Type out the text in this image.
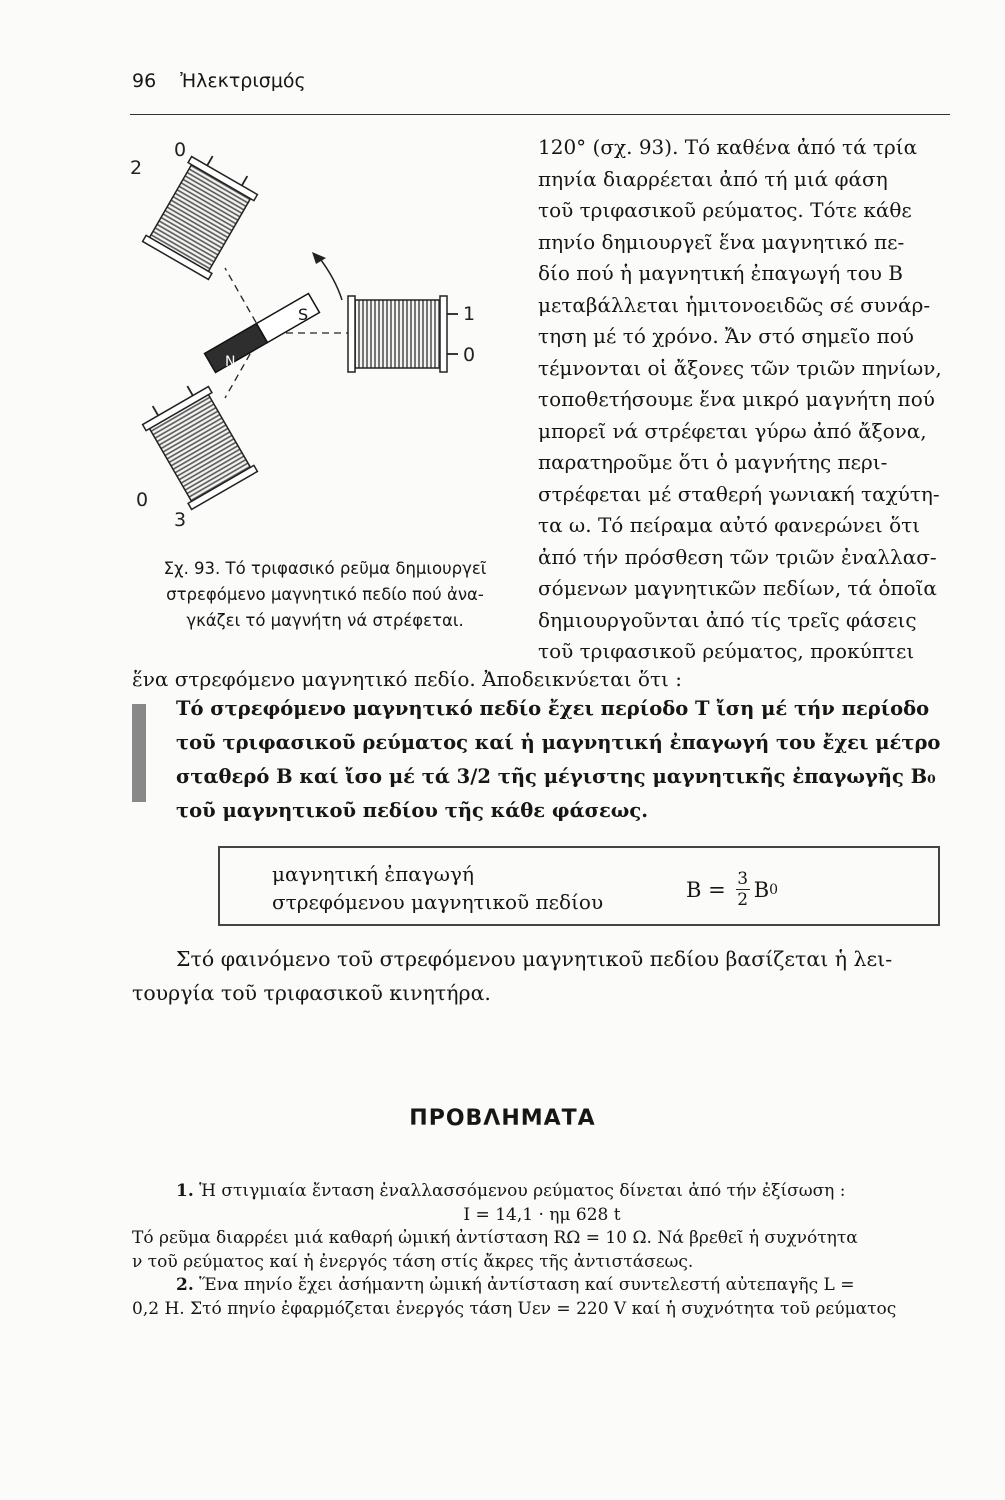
96 Ἠλεκτρισμός
N
S
2
0
1
0
0
3
Σχ. 93. Τό τριφασικό ρεῦμα δημιουργεῖ
στρεφόμενο μαγνητικό πεδίο πού ἀνα-
γκάζει τό μαγνήτη νά στρέφεται.

120° (σχ. 93). Τό καθένα ἀπό τά τρία

πηνία διαρρέεται ἀπό τή μιά φάση

τοῦ τριφασικοῦ ρεύματος. Τότε κάθε

πηνίο δημιουργεῖ ἕνα μαγνητικό πε-

δίο πού ἡ μαγνητική ἐπαγωγή του B

μεταβάλλεται ἡμιτονοειδῶς σέ συνάρ-

τηση μέ τό χρόνο. Ἄν στό σημεῖο πού

τέμνονται οἱ ἄξονες τῶν τριῶν πηνίων,

τοποθετήσουμε ἕνα μικρό μαγνήτη πού

μπορεῖ νά στρέφεται γύρω ἀπό ἄξονα,

παρατηροῦμε ὅτι ὁ μαγνήτης περι-

στρέφεται μέ σταθερή γωνιακή ταχύτη-

τα ω. Τό πείραμα αὐτό φανερώνει ὅτι

ἀπό τήν πρόσθεση τῶν τριῶν ἐναλλασ-

σόμενων μαγνητικῶν πεδίων, τά ὁποῖα

δημιουργοῦνται ἀπό τίς τρεῖς φάσεις

τοῦ τριφασικοῦ ρεύματος, προκύπτει

ἕνα στρεφόμενο μαγνητικό πεδίο. Ἀποδεικνύεται ὅτι :

Τό στρεφόμενο μαγνητικό πεδίο ἔχει περίοδο T ἴση μέ τήν περίοδο

τοῦ τριφασικοῦ ρεύματος καί ἡ μαγνητική ἐπαγωγή του ἔχει μέτρο

σταθερό B καί ἴσο μέ τά 3/2 τῆς μέγιστης μαγνητικῆς ἐπαγωγῆς B₀

τοῦ μαγνητικοῦ πεδίου τῆς κάθε φάσεως.

μαγνητική ἐπαγωγή
στρεφόμενου μαγνητικοῦ πεδίου
$B = \frac{3}{2}$ B 0

Στό φαινόμενο τοῦ στρεφόμενου μαγνητικοῦ πεδίου βασίζεται ἡ λει-

τουργία τοῦ τριφασικοῦ κινητήρα.

ΠΡΟΒΛΗΜΑΤΑ

1. Ἡ στιγμιαία ἔνταση ἐναλλασσόμενου ρεύματος δίνεται ἀπό τήν ἐξίσωση :

I = 14,1 · ημ 628 t

Τό ρεῦμα διαρρέει μιά καθαρή ὠμική ἀντίσταση RΩ = 10 Ω. Νά βρεθεῖ ἡ συχνότητα

ν τοῦ ρεύματος καί ἡ ἐνεργός τάση στίς ἄκρες τῆς ἀντιστάσεως.

2. Ἕνα πηνίο ἔχει ἀσήμαντη ὠμική ἀντίσταση καί συντελεστή αὐτεπαγῆς L =

0,2 H. Στό πηνίο ἐφαρμόζεται ἐνεργός τάση Uεν = 220 V καί ἡ συχνότητα τοῦ ρεύματος
